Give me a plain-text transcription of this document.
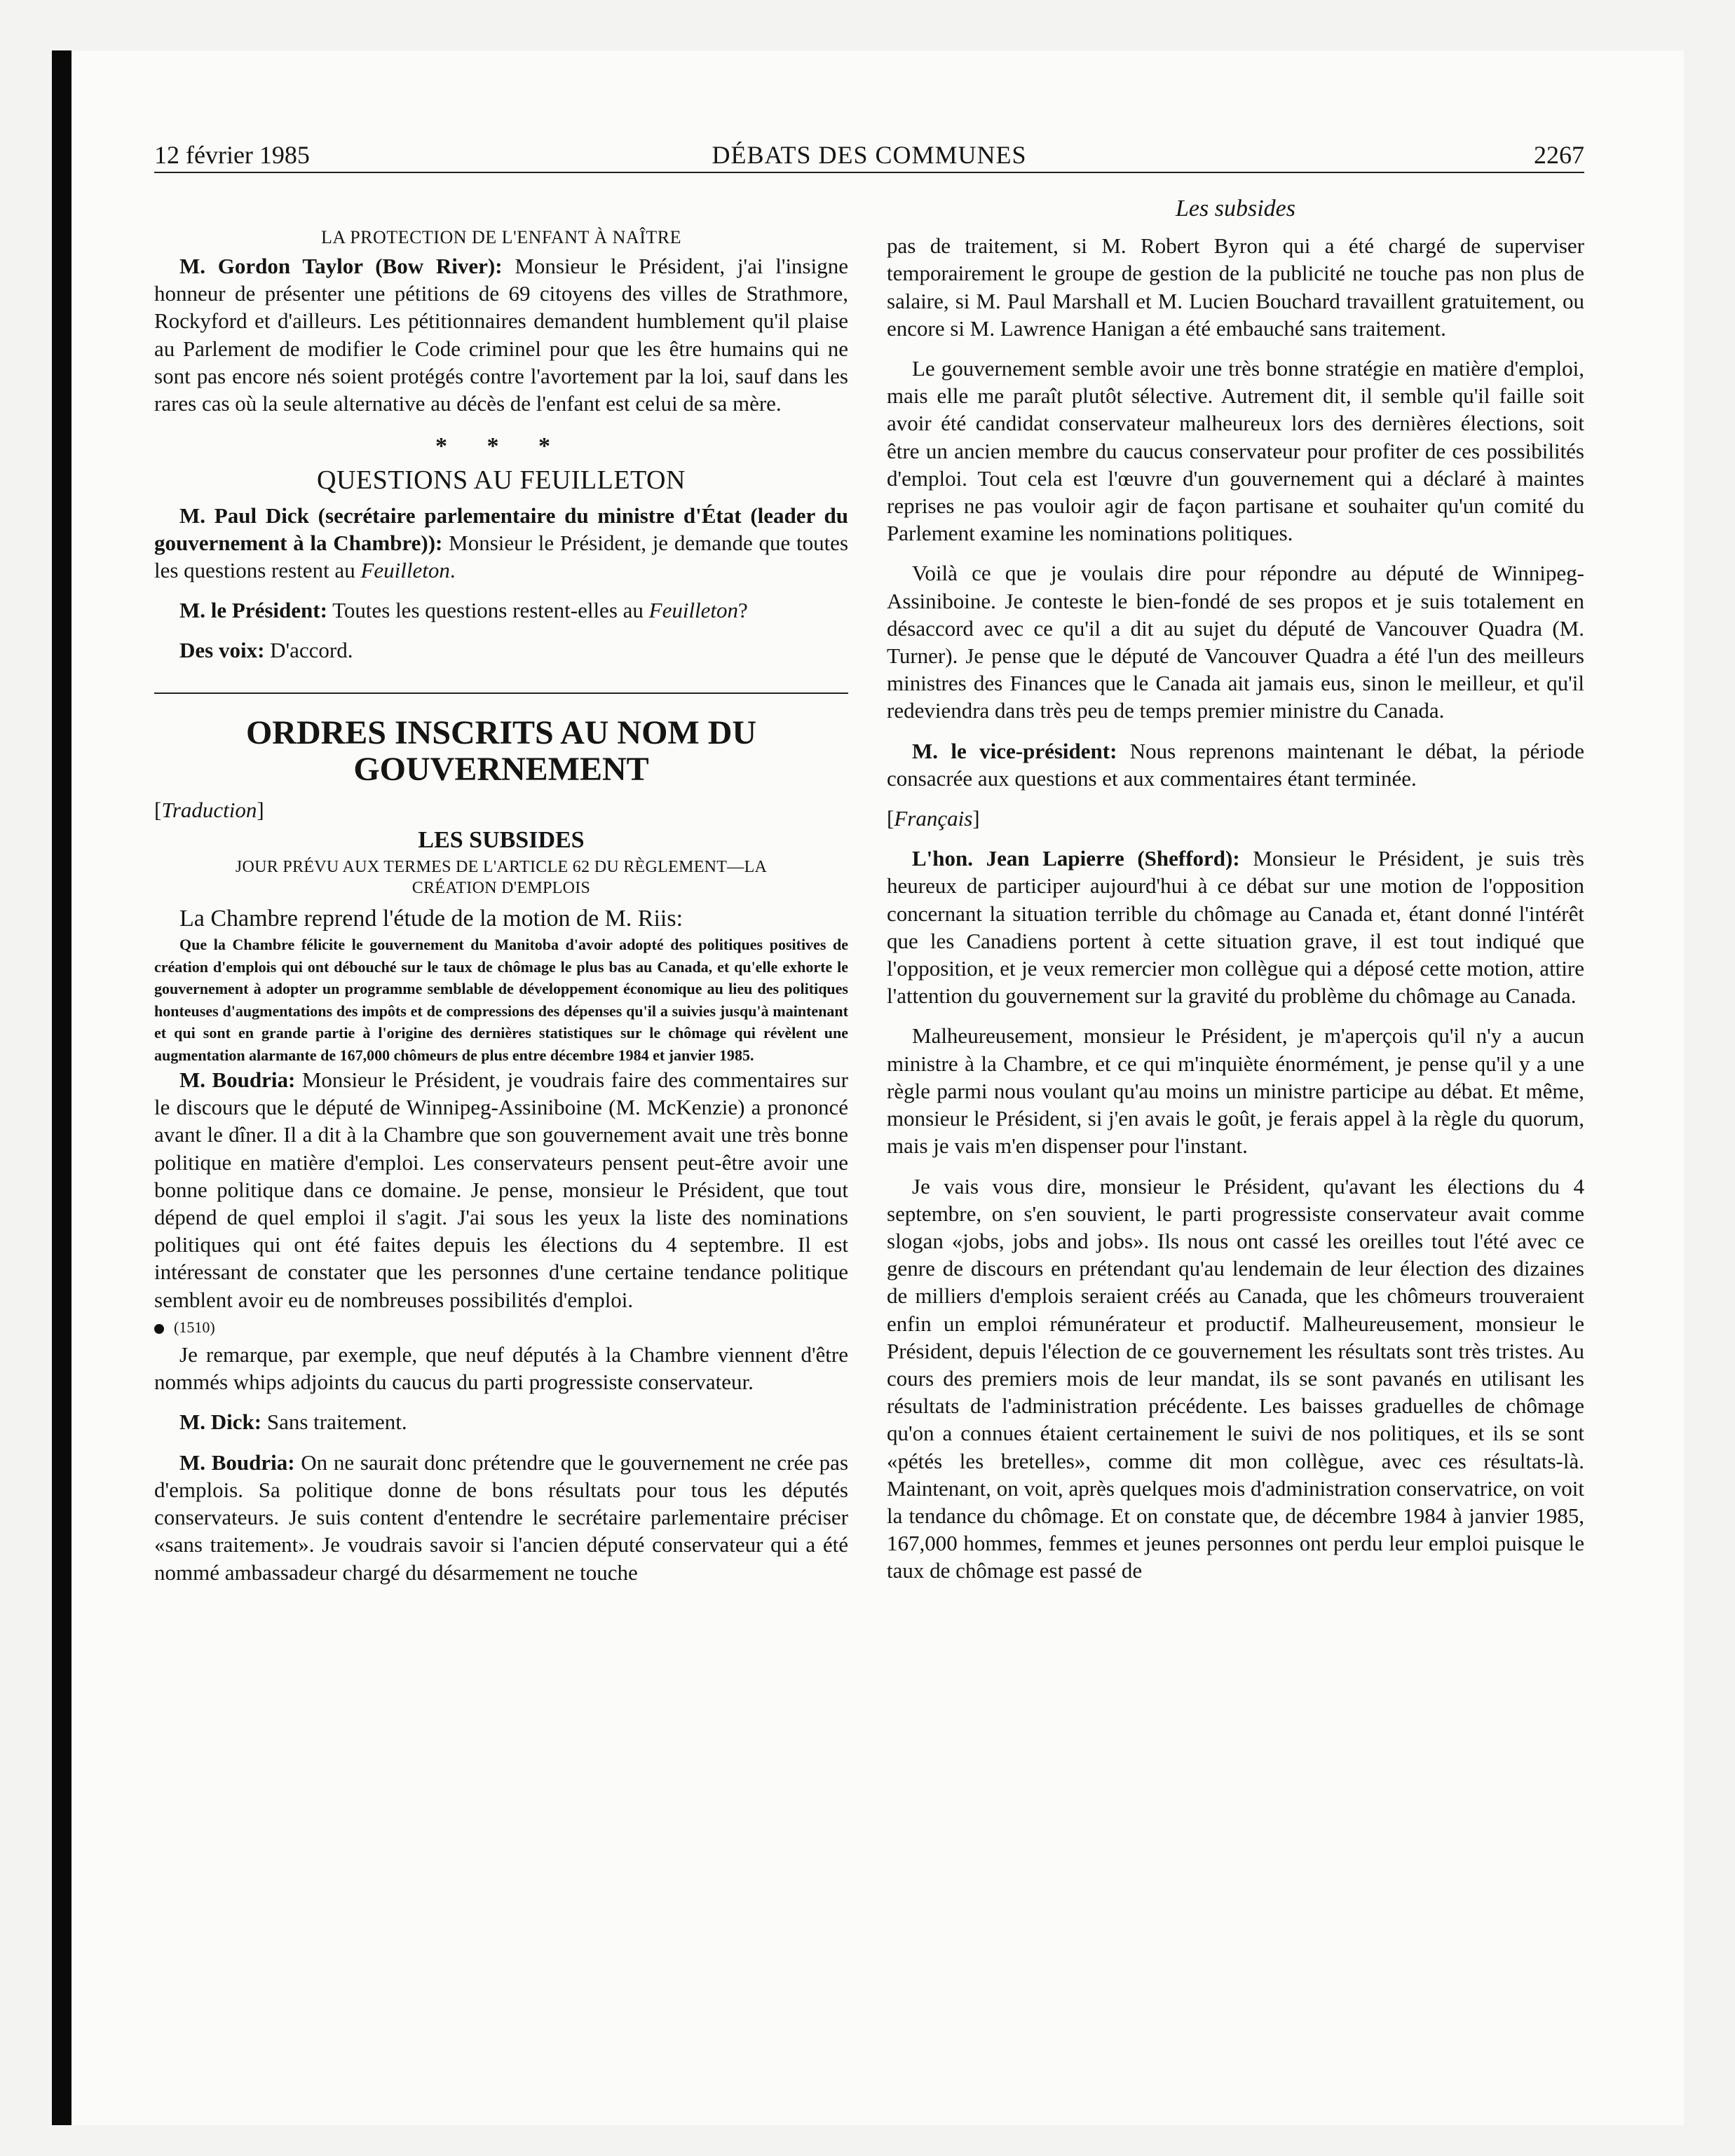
12 février 1985	DÉBATS DES COMMUNES	2267
LA PROTECTION DE L'ENFANT À NAÎTRE

M. Gordon Taylor (Bow River): Monsieur le Président, j'ai l'insigne honneur de présenter une pétitions de 69 citoyens des villes de Strathmore, Rockyford et d'ailleurs. Les pétitionnaires demandent humblement qu'il plaise au Parlement de modifier le Code criminel pour que les être humains qui ne sont pas encore nés soient protégés contre l'avortement par la loi, sauf dans les rares cas où la seule alternative au décès de l'enfant est celui de sa mère.

* * *
QUESTIONS AU FEUILLETON

M. Paul Dick (secrétaire parlementaire du ministre d'État (leader du gouvernement à la Chambre)): Monsieur le Président, je demande que toutes les questions restent au Feuilleton.

M. le Président: Toutes les questions restent-elles au Feuilleton?

Des voix: D'accord.

ORDRES INSCRITS AU NOM DU
GOUVERNEMENT
[Traduction]
LES SUBSIDES
JOUR PRÉVU AUX TERMES DE L'ARTICLE 62 DU RÈGLEMENT—LA
CRÉATION D'EMPLOIS

La Chambre reprend l'étude de la motion de M. Riis:

Que la Chambre félicite le gouvernement du Manitoba d'avoir adopté des politiques positives de création d'emplois qui ont débouché sur le taux de chômage le plus bas au Canada, et qu'elle exhorte le gouvernement à adopter un programme semblable de développement économique au lieu des politiques honteuses d'augmentations des impôts et de compressions des dépenses qu'il a suivies jusqu'à maintenant et qui sont en grande partie à l'origine des dernières statistiques sur le chômage qui révèlent une augmentation alarmante de 167,000 chômeurs de plus entre décembre 1984 et janvier 1985.

M. Boudria: Monsieur le Président, je voudrais faire des commentaires sur le discours que le député de Winnipeg-Assiniboine (M. McKenzie) a prononcé avant le dîner. Il a dit à la Chambre que son gouvernement avait une très bonne politique en matière d'emploi. Les conservateurs pensent peut-être avoir une bonne politique dans ce domaine. Je pense, monsieur le Président, que tout dépend de quel emploi il s'agit. J'ai sous les yeux la liste des nominations politiques qui ont été faites depuis les élections du 4 septembre. Il est intéressant de constater que les personnes d'une certaine tendance politique semblent avoir eu de nombreuses possibilités d'emploi.

(1510)

Je remarque, par exemple, que neuf députés à la Chambre viennent d'être nommés whips adjoints du caucus du parti progressiste conservateur.

M. Dick: Sans traitement.

M. Boudria: On ne saurait donc prétendre que le gouvernement ne crée pas d'emplois. Sa politique donne de bons résultats pour tous les députés conservateurs. Je suis content d'entendre le secrétaire parlementaire préciser «sans traitement». Je voudrais savoir si l'ancien député conservateur qui a été nommé ambassadeur chargé du désarmement ne touche

Les subsides

pas de traitement, si M. Robert Byron qui a été chargé de superviser temporairement le groupe de gestion de la publicité ne touche pas non plus de salaire, si M. Paul Marshall et M. Lucien Bouchard travaillent gratuitement, ou encore si M. Lawrence Hanigan a été embauché sans traitement.

Le gouvernement semble avoir une très bonne stratégie en matière d'emploi, mais elle me paraît plutôt sélective. Autrement dit, il semble qu'il faille soit avoir été candidat conservateur malheureux lors des dernières élections, soit être un ancien membre du caucus conservateur pour profiter de ces possibilités d'emploi. Tout cela est l'œuvre d'un gouvernement qui a déclaré à maintes reprises ne pas vouloir agir de façon partisane et souhaiter qu'un comité du Parlement examine les nominations politiques.

Voilà ce que je voulais dire pour répondre au député de Winnipeg-Assiniboine. Je conteste le bien-fondé de ses propos et je suis totalement en désaccord avec ce qu'il a dit au sujet du député de Vancouver Quadra (M. Turner). Je pense que le député de Vancouver Quadra a été l'un des meilleurs ministres des Finances que le Canada ait jamais eus, sinon le meilleur, et qu'il redeviendra dans très peu de temps premier ministre du Canada.

M. le vice-président: Nous reprenons maintenant le débat, la période consacrée aux questions et aux commentaires étant terminée.

[Français]

L'hon. Jean Lapierre (Shefford): Monsieur le Président, je suis très heureux de participer aujourd'hui à ce débat sur une motion de l'opposition concernant la situation terrible du chômage au Canada et, étant donné l'intérêt que les Canadiens portent à cette situation grave, il est tout indiqué que l'opposition, et je veux remercier mon collègue qui a déposé cette motion, attire l'attention du gouvernement sur la gravité du problème du chômage au Canada.

Malheureusement, monsieur le Président, je m'aperçois qu'il n'y a aucun ministre à la Chambre, et ce qui m'inquiète énormément, je pense qu'il y a une règle parmi nous voulant qu'au moins un ministre participe au débat. Et même, monsieur le Président, si j'en avais le goût, je ferais appel à la règle du quorum, mais je vais m'en dispenser pour l'instant.

Je vais vous dire, monsieur le Président, qu'avant les élections du 4 septembre, on s'en souvient, le parti progressiste conservateur avait comme slogan «jobs, jobs and jobs». Ils nous ont cassé les oreilles tout l'été avec ce genre de discours en prétendant qu'au lendemain de leur élection des dizaines de milliers d'emplois seraient créés au Canada, que les chômeurs trouveraient enfin un emploi rémunérateur et productif. Malheureusement, monsieur le Président, depuis l'élection de ce gouvernement les résultats sont très tristes. Au cours des premiers mois de leur mandat, ils se sont pavanés en utilisant les résultats de l'administration précédente. Les baisses graduelles de chômage qu'on a connues étaient certainement le suivi de nos politiques, et ils se sont «pétés les bretelles», comme dit mon collègue, avec ces résultats-là. Maintenant, on voit, après quelques mois d'administration conservatrice, on voit la tendance du chômage. Et on constate que, de décembre 1984 à janvier 1985, 167,000 hommes, femmes et jeunes personnes ont perdu leur emploi puisque le taux de chômage est passé de
